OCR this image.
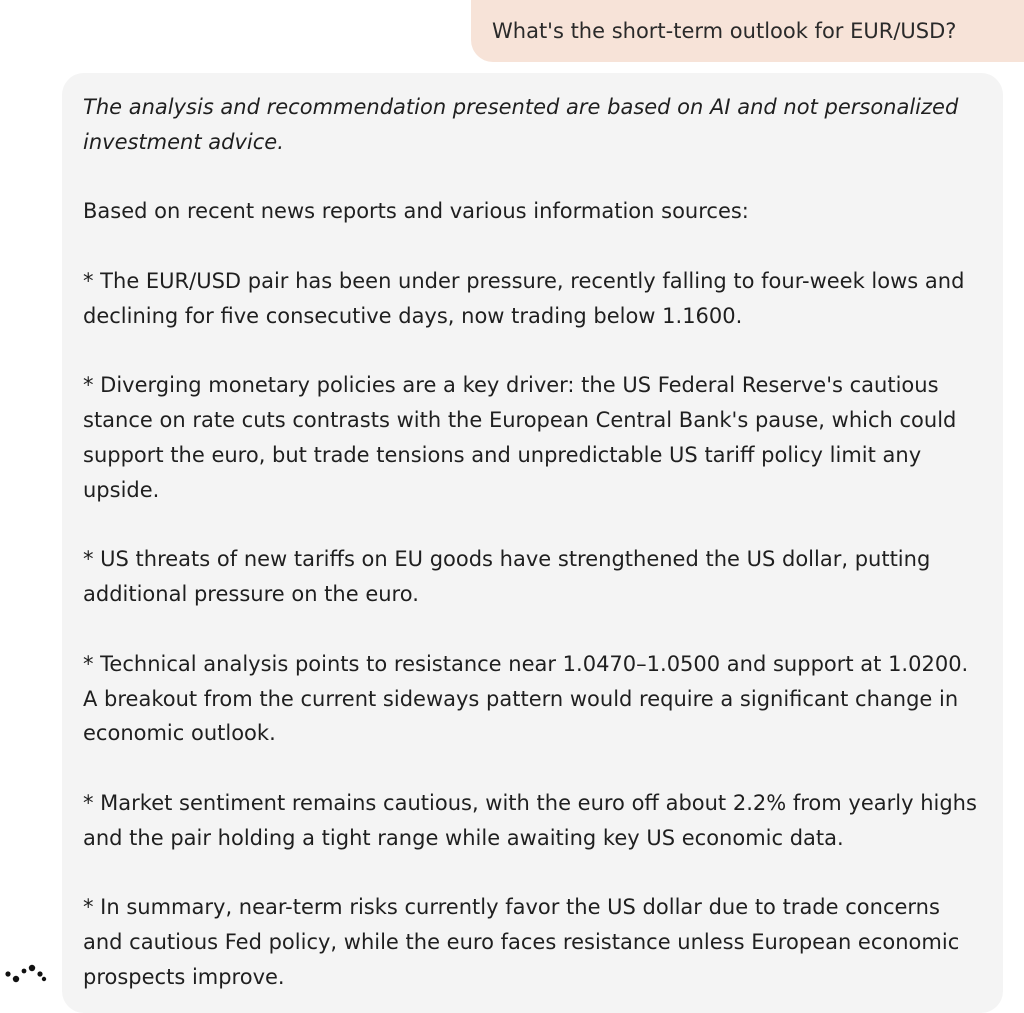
What's the short-term outlook for EUR/USD?

The analysis and recommendation presented are based on AI and not personalized investment advice.

Based on recent news reports and various information sources:

* The EUR/USD pair has been under pressure, recently falling to four-week lows and declining for five consecutive days, now trading below 1.1600.

* Diverging monetary policies are a key driver: the US Federal Reserve's cautious stance on rate cuts contrasts with the European Central Bank's pause, which could support the euro, but trade tensions and unpredictable US tariff policy limit any upside.

* US threats of new tariffs on EU goods have strengthened the US dollar, putting additional pressure on the euro.

* Technical analysis points to resistance near 1.0470–1.0500 and support at 1.0200. A breakout from the current sideways pattern would require a significant change in economic outlook.

* Market sentiment remains cautious, with the euro off about 2.2% from yearly highs and the pair holding a tight range while awaiting key US economic data.

* In summary, near-term risks currently favor the US dollar due to trade concerns and cautious Fed policy, while the euro faces resistance unless European economic prospects improve.
